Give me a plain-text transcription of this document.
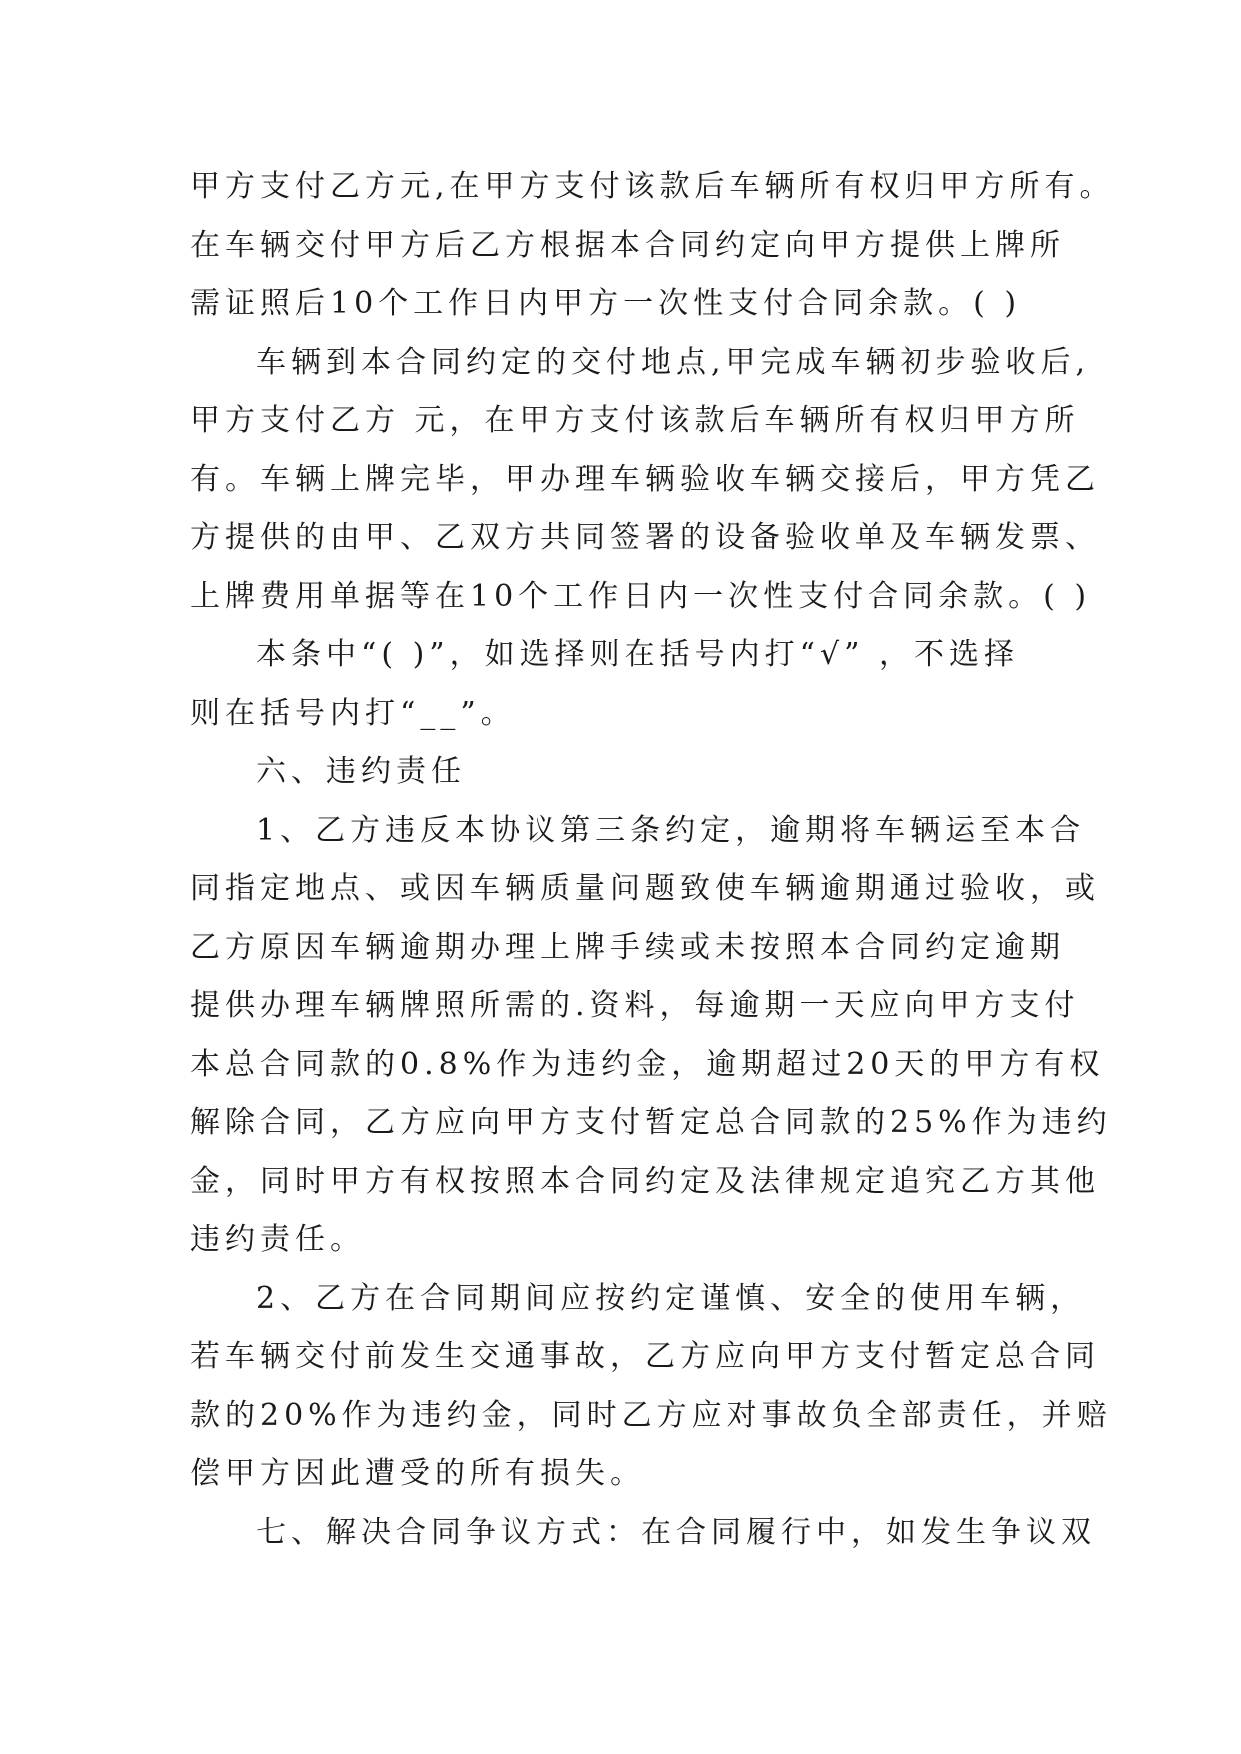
甲方支付乙方元,在甲方支付该款后车辆所有权归甲方所有。
在车辆交付甲方后乙方根据本合同约定向甲方提供上牌所
需证照后10个工作日内甲方一次性支付合同余款。( )
车辆到本合同约定的交付地点,甲完成车辆初步验收后,
甲方支付乙方 元，在甲方支付该款后车辆所有权归甲方所
有。车辆上牌完毕，甲办理车辆验收车辆交接后，甲方凭乙
方提供的由甲、乙双方共同签署的设备验收单及车辆发票、
上牌费用单据等在10个工作日内一次性支付合同余款。( )
本条中“( )”，如选择则在括号内打“√” ，不选择
则在括号内打“__”。
六、违约责任
1、乙方违反本协议第三条约定，逾期将车辆运至本合
同指定地点、或因车辆质量问题致使车辆逾期通过验收，或
乙方原因车辆逾期办理上牌手续或未按照本合同约定逾期
提供办理车辆牌照所需的.资料，每逾期一天应向甲方支付
本总合同款的0.8%作为违约金，逾期超过20天的甲方有权
解除合同，乙方应向甲方支付暂定总合同款的25%作为违约
金，同时甲方有权按照本合同约定及法律规定追究乙方其他
违约责任。
2、乙方在合同期间应按约定谨慎、安全的使用车辆，
若车辆交付前发生交通事故，乙方应向甲方支付暂定总合同
款的20%作为违约金，同时乙方应对事故负全部责任，并赔
偿甲方因此遭受的所有损失。
七、解决合同争议方式：在合同履行中，如发生争议双
